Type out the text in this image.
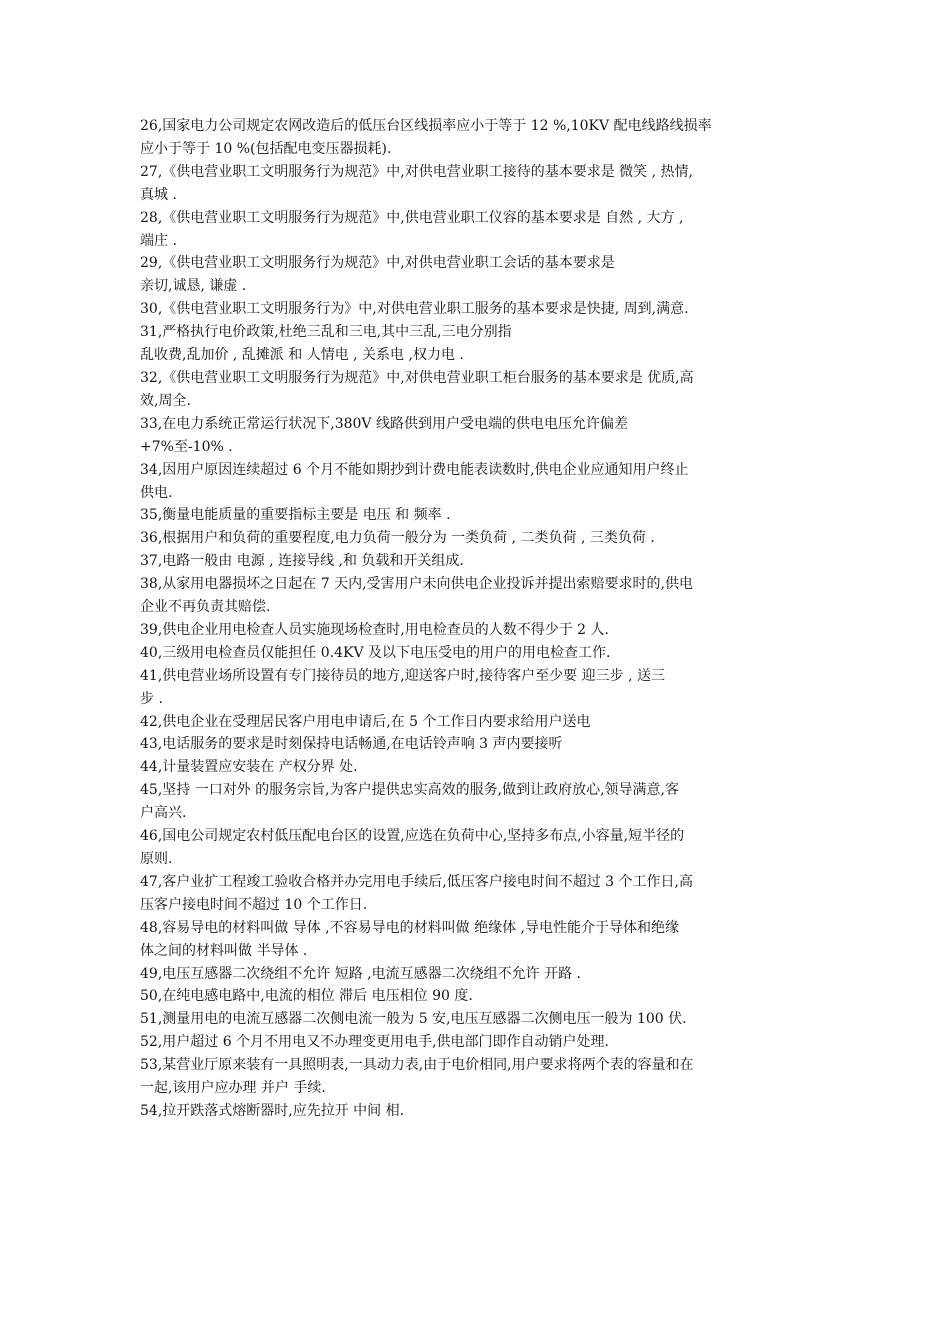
26,国家电力公司规定农网改造后的低压台区线损率应小于等于 12 %,10KV 配电线路线损率

应小于等于 10 %(包括配电变压器损耗).

27,《供电营业职工文明服务行为规范》中,对供电营业职工接待的基本要求是 微笑 , 热情,

真城 .

28,《供电营业职工文明服务行为规范》中,供电营业职工仪容的基本要求是 自然 , 大方 ,

端庄 .

29,《供电营业职工文明服务行为规范》中,对供电营业职工会话的基本要求是

亲切,诚恳, 谦虚 .

30,《供电营业职工文明服务行为》中,对供电营业职工服务的基本要求是快捷, 周到,满意.

31,严格执行电价政策,杜绝三乱和三电,其中三乱,三电分别指

乱收费,乱加价 , 乱摊派 和 人情电 , 关系电 ,权力电 .

32,《供电营业职工文明服务行为规范》中,对供电营业职工柜台服务的基本要求是 优质,高

效,周全.

33,在电力系统正常运行状况下,380V 线路供到用户受电端的供电电压允许偏差

+7%至-10% .

34,因用户原因连续超过 6 个月不能如期抄到计费电能表读数时,供电企业应通知用户终止

供电.

35,衡量电能质量的重要指标主要是 电压 和 频率 .

36,根据用户和负荷的重要程度,电力负荷一般分为 一类负荷 , 二类负荷 , 三类负荷 .

37,电路一般由 电源 , 连接导线 ,和 负载和开关组成.

38,从家用电器损坏之日起在 7 天内,受害用户未向供电企业投诉并提出索赔要求时的,供电

企业不再负责其赔偿.

39,供电企业用电检查人员实施现场检查时,用电检查员的人数不得少于 2 人.

40,三级用电检查员仅能担任 0.4KV 及以下电压受电的用户的用电检查工作.

41,供电营业场所设置有专门接待员的地方,迎送客户时,接待客户至少要 迎三步 , 送三

步 .

42,供电企业在受理居民客户用电申请后,在 5 个工作日内要求给用户送电

43,电话服务的要求是时刻保持电话畅通,在电话铃声响 3 声内要接听

44,计量装置应安装在 产权分界 处.

45,坚持 一口对外 的服务宗旨,为客户提供忠实高效的服务,做到让政府放心,领导满意,客

户高兴.

46,国电公司规定农村低压配电台区的设置,应选在负荷中心,坚持多布点,小容量,短半径的

原则.

47,客户业扩工程竣工验收合格并办完用电手续后,低压客户接电时间不超过 3 个工作日,高

压客户接电时间不超过 10 个工作日.

48,容易导电的材料叫做 导体 ,不容易导电的材料叫做 绝缘体 ,导电性能介于导体和绝缘

体之间的材料叫做 半导体 .

49,电压互感器二次绕组不允许 短路 ,电流互感器二次绕组不允许 开路 .

50,在纯电感电路中,电流的相位 滞后 电压相位 90 度.

51,测量用电的电流互感器二次侧电流一般为 5 安,电压互感器二次侧电压一般为 100 伏.

52,用户超过 6 个月不用电又不办理变更用电手,供电部门即作自动销户处理.

53,某营业厅原来装有一具照明表,一具动力表,由于电价相同,用户要求将两个表的容量和在

一起,该用户应办理 并户 手续.

54,拉开跌落式熔断器时,应先拉开 中间 相.
